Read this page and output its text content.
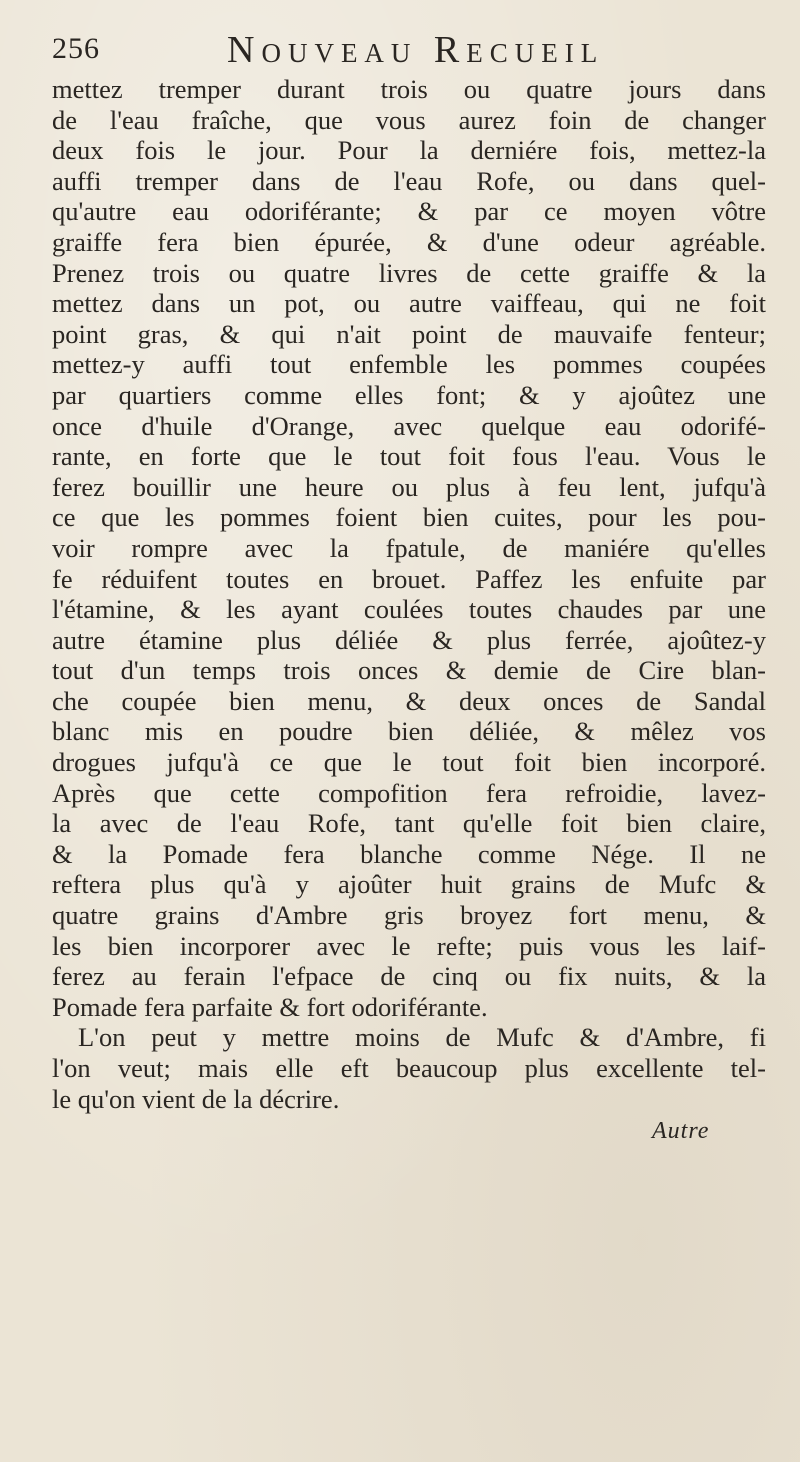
256	Nouveau Recueil
mettez tremper durant trois ou quatre jours dans
de l'eau fraîche, que vous aurez foin de changer
deux fois le jour. Pour la derniére fois, mettez-la
auffi tremper dans de l'eau Rofe, ou dans quel-
qu'autre eau odoriférante; & par ce moyen vôtre
graiffe fera bien épurée, & d'une odeur agréable.
Prenez trois ou quatre livres de cette graiffe & la
mettez dans un pot, ou autre vaiffeau, qui ne foit
point gras, & qui n'ait point de mauvaife fenteur;
mettez-y auffi tout enfemble les pommes coupées
par quartiers comme elles font; & y ajoûtez une
once d'huile d'Orange, avec quelque eau odorifé-
rante, en forte que le tout foit fous l'eau. Vous le
ferez bouillir une heure ou plus à feu lent, jufqu'à
ce que les pommes foient bien cuites, pour les pou-
voir rompre avec la fpatule, de maniére qu'elles
fe réduifent toutes en brouet. Paffez les enfuite par
l'étamine, & les ayant coulées toutes chaudes par une
autre étamine plus déliée & plus ferrée, ajoûtez-y
tout d'un temps trois onces & demie de Cire blan-
che coupée bien menu, & deux onces de Sandal
blanc mis en poudre bien déliée, & mêlez vos
drogues jufqu'à ce que le tout foit bien incorporé.
Après que cette compofition fera refroidie, lavez-
la avec de l'eau Rofe, tant qu'elle foit bien claire,
& la Pomade fera blanche comme Nége. Il ne
reftera plus qu'à y ajoûter huit grains de Mufc &
quatre grains d'Ambre gris broyez fort menu, &
les bien incorporer avec le refte; puis vous les laif-
ferez au ferain l'efpace de cinq ou fix nuits, & la
Pomade fera parfaite & fort odoriférante.
L'on peut y mettre moins de Mufc & d'Ambre, fi
l'on veut; mais elle eft beaucoup plus excellente tel-
le qu'on vient de la décrire.
Autre
